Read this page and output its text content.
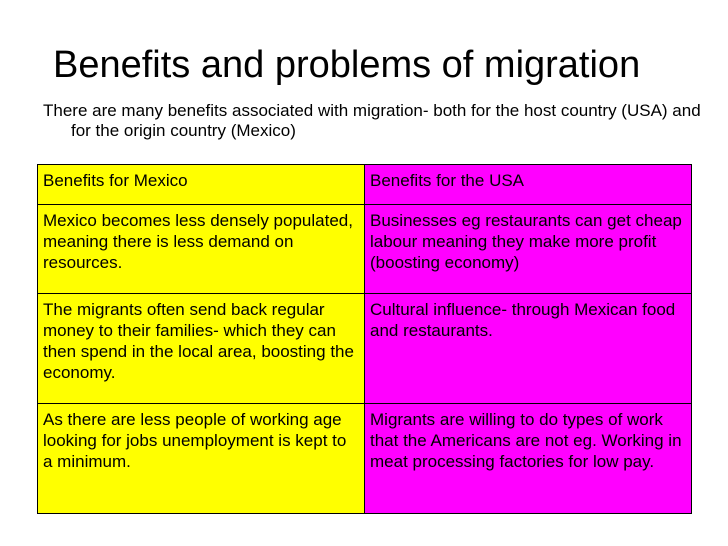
Benefits and problems of migration

There are many benefits associated with migration- both for the host country (USA) and for the origin country (Mexico)

Benefits for Mexico	Benefits for the USA
Mexico becomes less densely populated, meaning there is less demand on resources.	Businesses eg restaurants can get cheap labour meaning they make more profit (boosting economy)
The migrants often send back regular money to their families- which they can then spend in the local area, boosting the economy.	Cultural influence- through Mexican food and restaurants.
As there are less people of working age looking for jobs unemployment is kept to a minimum.	Migrants are willing to do types of work that the Americans are not eg. Working in meat processing factories for low pay.
